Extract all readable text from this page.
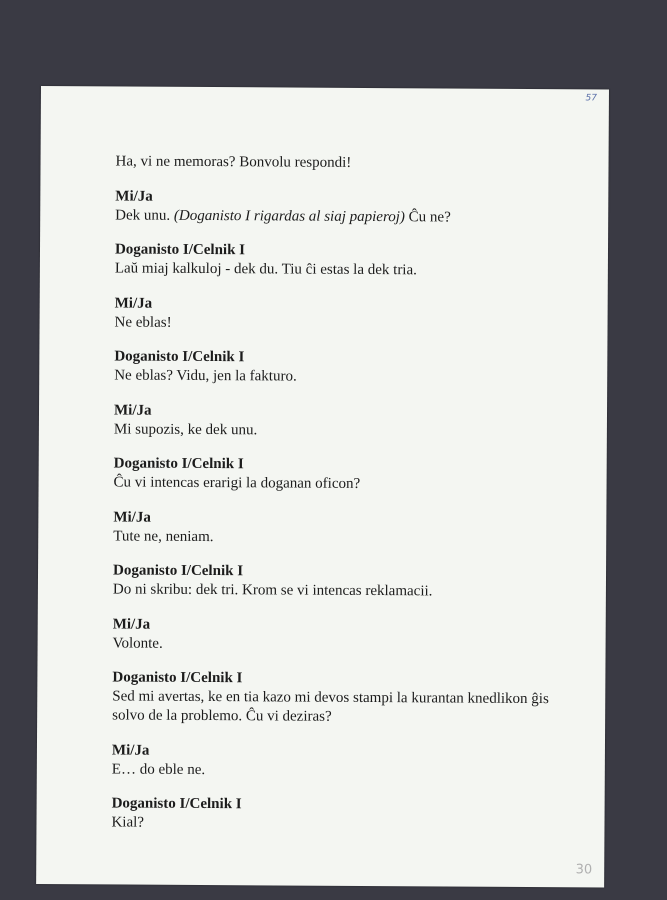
57
Ha, vi ne memoras? Bonvolu respondi!
Mi/Ja
Dek unu. (Doganisto I rigardas al siaj papieroj) Ĉu ne?
Doganisto I/Celnik I
Laŭ miaj kalkuloj - dek du. Tiu ĉi estas la dek tria.
Mi/Ja
Ne eblas!
Doganisto I/Celnik I
Ne eblas? Vidu, jen la fakturo.
Mi/Ja
Mi supozis, ke dek unu.
Doganisto I/Celnik I
Ĉu vi intencas erarigi la doganan oficon?
Mi/Ja
Tute ne, neniam.
Doganisto I/Celnik I
Do ni skribu: dek tri. Krom se vi intencas reklamacii.
Mi/Ja
Volonte.
Doganisto I/Celnik I
Sed mi avertas, ke en tia kazo mi devos stampi la kurantan knedlikon ĝis solvo de la problemo. Ĉu vi deziras?
Mi/Ja
E… do eble ne.
Doganisto I/Celnik I
Kial?
30
